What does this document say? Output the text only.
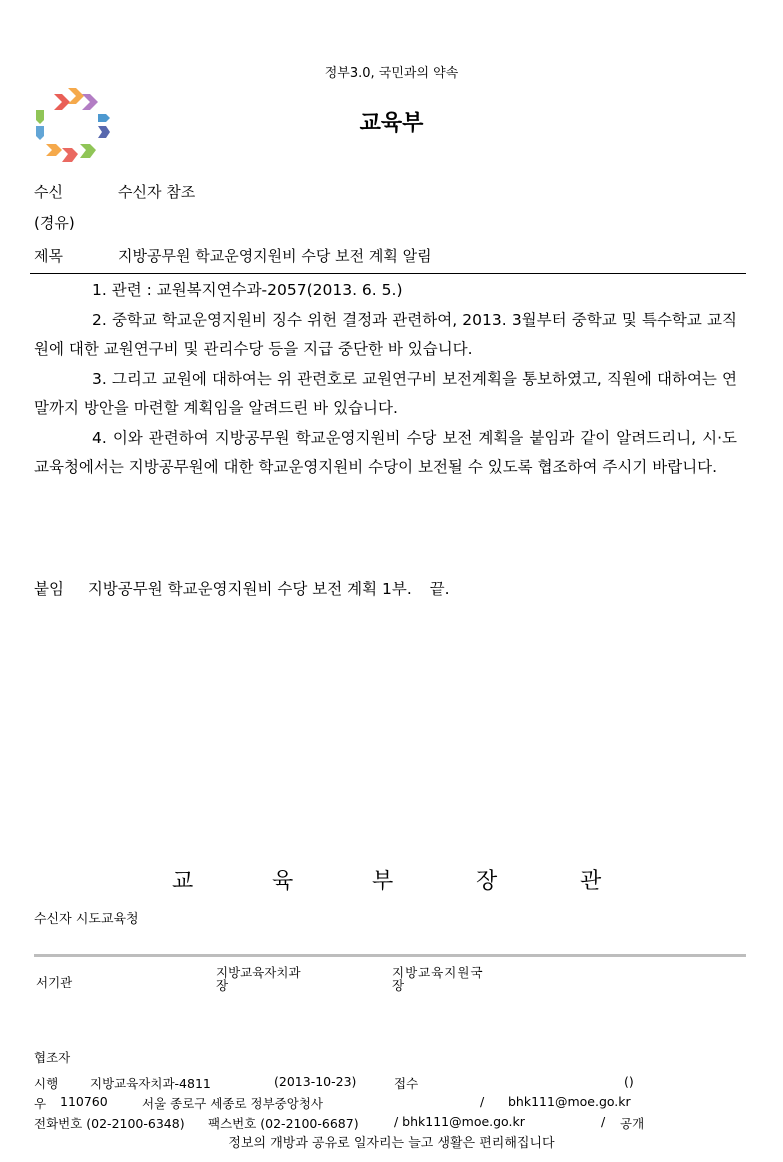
정부3.0, 국민과의 약속
교육부
수신	수신자 참조
(경유)
제목	지방공무원 학교운영지원비 수당 보전 계획 알림

1. 관련 : 교원복지연수과-2057(2013. 6. 5.)

2. 중학교 학교운영지원비 징수 위헌 결정과 관련하여, 2013. 3월부터 중학교 및 특수학교 교직원에 대한 교원연구비 및 관리수당 등을 지급 중단한 바 있습니다.

3. 그리고 교원에 대하여는 위 관련호로 교원연구비 보전계획을 통보하였고, 직원에 대하여는 연말까지 방안을 마련할 계획임을 알려드린 바 있습니다.

4. 이와 관련하여 지방공무원 학교운영지원비 수당 보전 계획을 붙임과 같이 알려드리니, 시·도교육청에서는 지방공무원에 대한 학교운영지원비 수당이 보전될 수 있도록 협조하여 주시기 바랍니다.

붙임 지방공무원 학교운영지원비 수당 보전 계획 1부. 끝.
교	육	부	장	관
수신자 시도교육청
서기관
지방교육자치과
장
지방교육지원국
장
협조자
시행	지방교육자치과-4811	(2013-10-23)	접수	()
우 110760	서울 종로구 세종로 정부중앙청사	/ bhk111@moe.go.kr
전화번호 (02-2100-6348) 팩스번호 (02-2100-6687)	/ bhk111@moe.go.kr	/ 공개
정보의 개방과 공유로 일자리는 늘고 생활은 편리해집니다
